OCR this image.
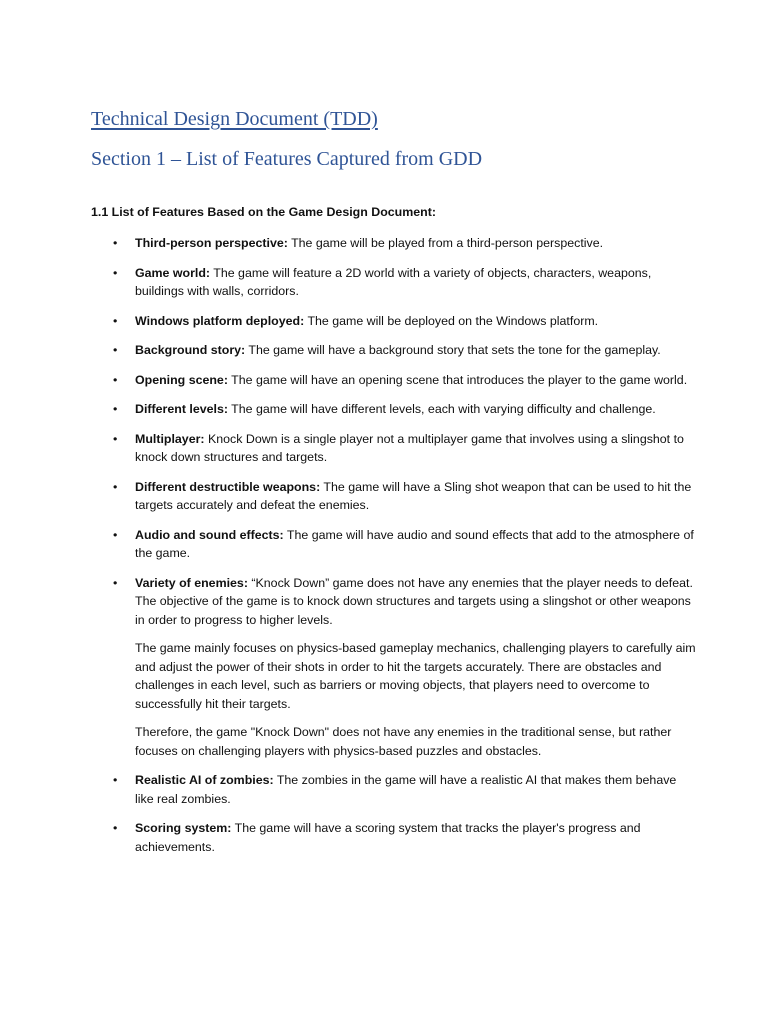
Technical Design Document (TDD)
Section 1 – List of Features Captured from GDD

1.1 List of Features Based on the Game Design Document:

•	Third-person perspective: The game will be played from a third-person perspective.
•	Game world: The game will feature a 2D world with a variety of objects, characters, weapons, buildings with walls, corridors.
•	Windows platform deployed: The game will be deployed on the Windows platform.
•	Background story: The game will have a background story that sets the tone for the gameplay.
•	Opening scene: The game will have an opening scene that introduces the player to the game world.
•	Different levels: The game will have different levels, each with varying difficulty and challenge.
•	Multiplayer: Knock Down is a single player not a multiplayer game that involves using a slingshot to knock down structures and targets.
•	Different destructible weapons: The game will have a Sling shot weapon that can be used to hit the targets accurately and defeat the enemies.
•	Audio and sound effects: The game will have audio and sound effects that add to the atmosphere of the game.
•	Variety of enemies: “Knock Down” game does not have any enemies that the player needs to defeat. The objective of the game is to knock down structures and targets using a slingshot or other weapons in order to progress to higher levels.
The game mainly focuses on physics-based gameplay mechanics, challenging players to carefully aim and adjust the power of their shots in order to hit the targets accurately. There are obstacles and challenges in each level, such as barriers or moving objects, that players need to overcome to successfully hit their targets.
Therefore, the game "Knock Down" does not have any enemies in the traditional sense, but rather focuses on challenging players with physics-based puzzles and obstacles.
•	Realistic AI of zombies: The zombies in the game will have a realistic AI that makes them behave like real zombies.
•	Scoring system: The game will have a scoring system that tracks the player's progress and achievements.
